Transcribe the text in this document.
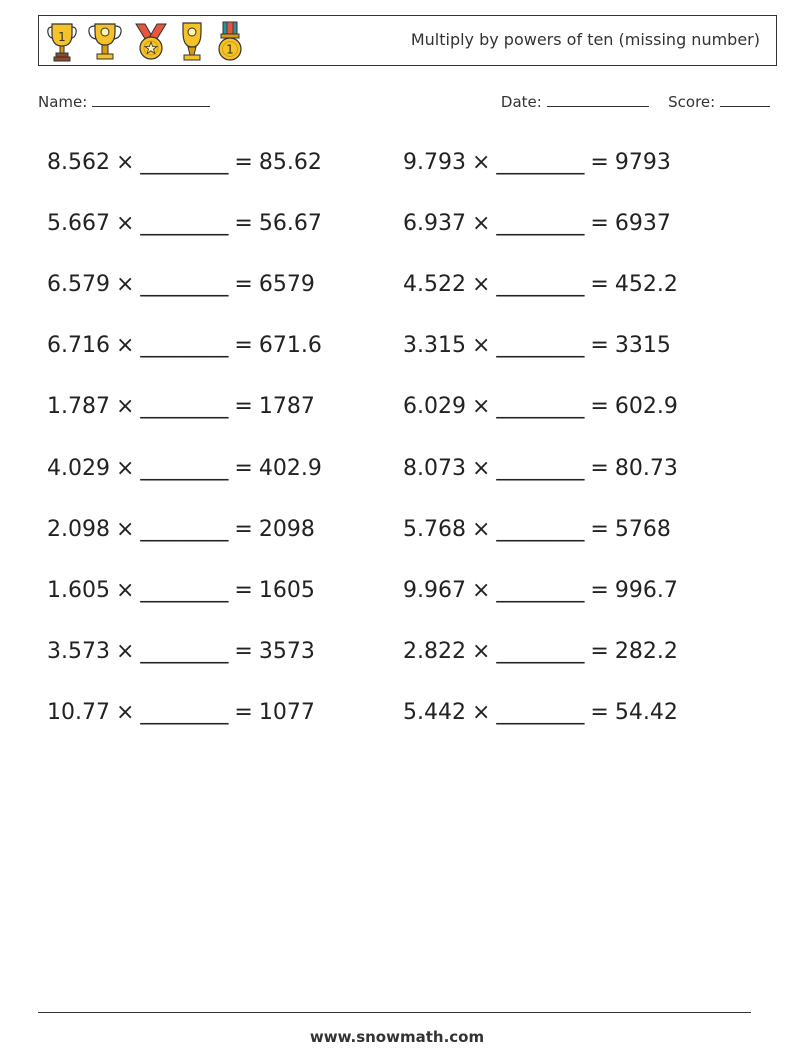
1
1
Multiply by powers of ten (missing number)
Name:	Date:	Score:
8.562 × ________ = 85.62	9.793 × ________ = 9793
5.667 × ________ = 56.67	6.937 × ________ = 6937
6.579 × ________ = 6579	4.522 × ________ = 452.2
6.716 × ________ = 671.6	3.315 × ________ = 3315
1.787 × ________ = 1787	6.029 × ________ = 602.9
4.029 × ________ = 402.9	8.073 × ________ = 80.73
2.098 × ________ = 2098	5.768 × ________ = 5768
1.605 × ________ = 1605	9.967 × ________ = 996.7
3.573 × ________ = 3573	2.822 × ________ = 282.2
10.77 × ________ = 1077	5.442 × ________ = 54.42
www.snowmath.com
